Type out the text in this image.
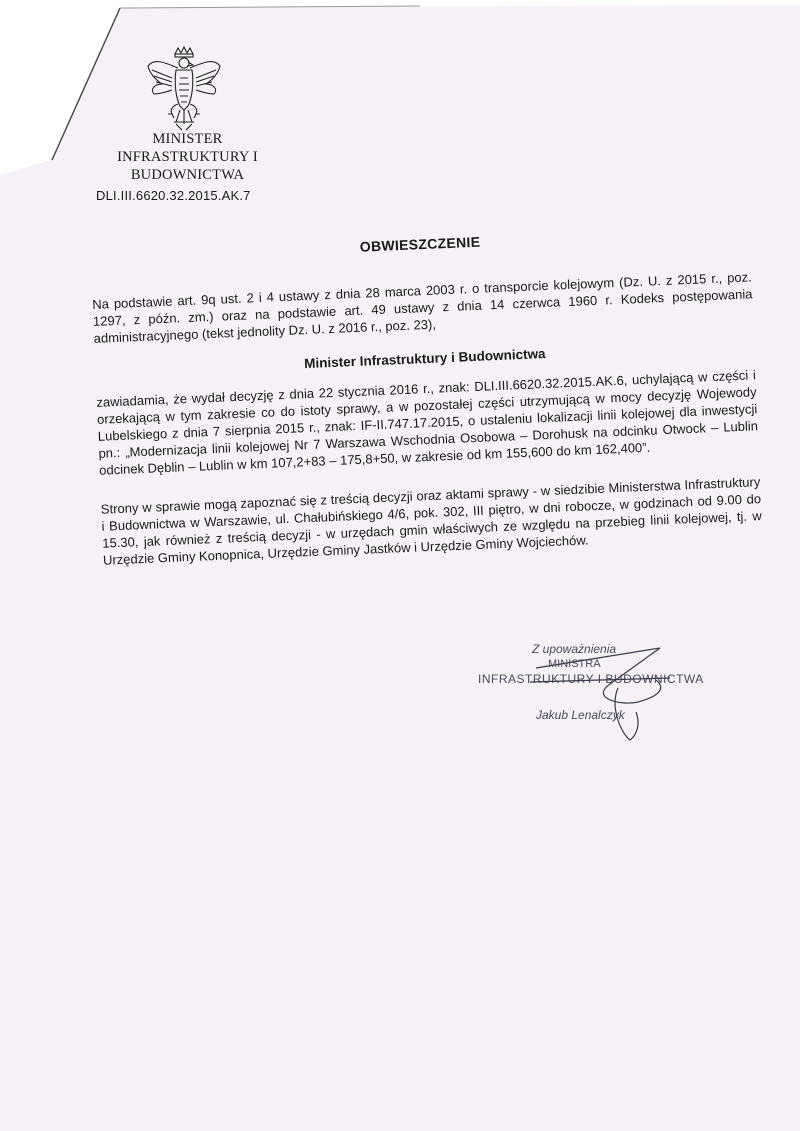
MINISTER
INFRASTRUKTURY I BUDOWNICTWA
DLI.III.6620.32.2015.AK.7
OBWIESZCZENIE

Na podstawie art. 9q ust. 2 i 4 ustawy z dnia 28 marca 2003 r. o transporcie kolejowym (Dz. U. z 2015 r., poz. 1297, z późn. zm.) oraz na podstawie art. 49 ustawy z dnia 14 czerwca 1960 r. Kodeks postępowania administracyjnego (tekst jednolity Dz. U. z 2016 r., poz. 23),

Minister Infrastruktury i Budownictwa

zawiadamia, że wydał decyzję z dnia 22 stycznia 2016 r., znak: DLI.III.6620.32.2015.AK.6, uchylającą w części i orzekającą w tym zakresie co do istoty sprawy, a w pozostałej części utrzymującą w mocy decyzję Wojewody Lubelskiego z dnia 7 sierpnia 2015 r., znak: IF-II.747.17.2015, o ustaleniu lokalizacji linii kolejowej dla inwestycji pn.: „Modernizacja linii kolejowej Nr 7 Warszawa Wschodnia Osobowa – Dorohusk na odcinku Otwock – Lublin odcinek Dęblin – Lublin w km 107,2+83 – 175,8+50, w zakresie od km 155,600 do km 162,400”.

Strony w sprawie mogą zapoznać się z treścią decyzji oraz aktami sprawy - w siedzibie Ministerstwa Infrastruktury i Budownictwa w Warszawie, ul. Chałubińskiego 4/6, pok. 302, III piętro, w dni robocze, w godzinach od 9.00 do 15.30, jak również z treścią decyzji - w urzędach gmin właściwych ze względu na przebieg linii kolejowej, tj. w Urzędzie Gminy Konopnica, Urzędzie Gminy Jastków i Urzędzie Gminy Wojciechów.

Z upoważnienia
MINISTRA
INFRASTRUKTURY I BUDOWNICTWA
Jakub Lenalczyk
